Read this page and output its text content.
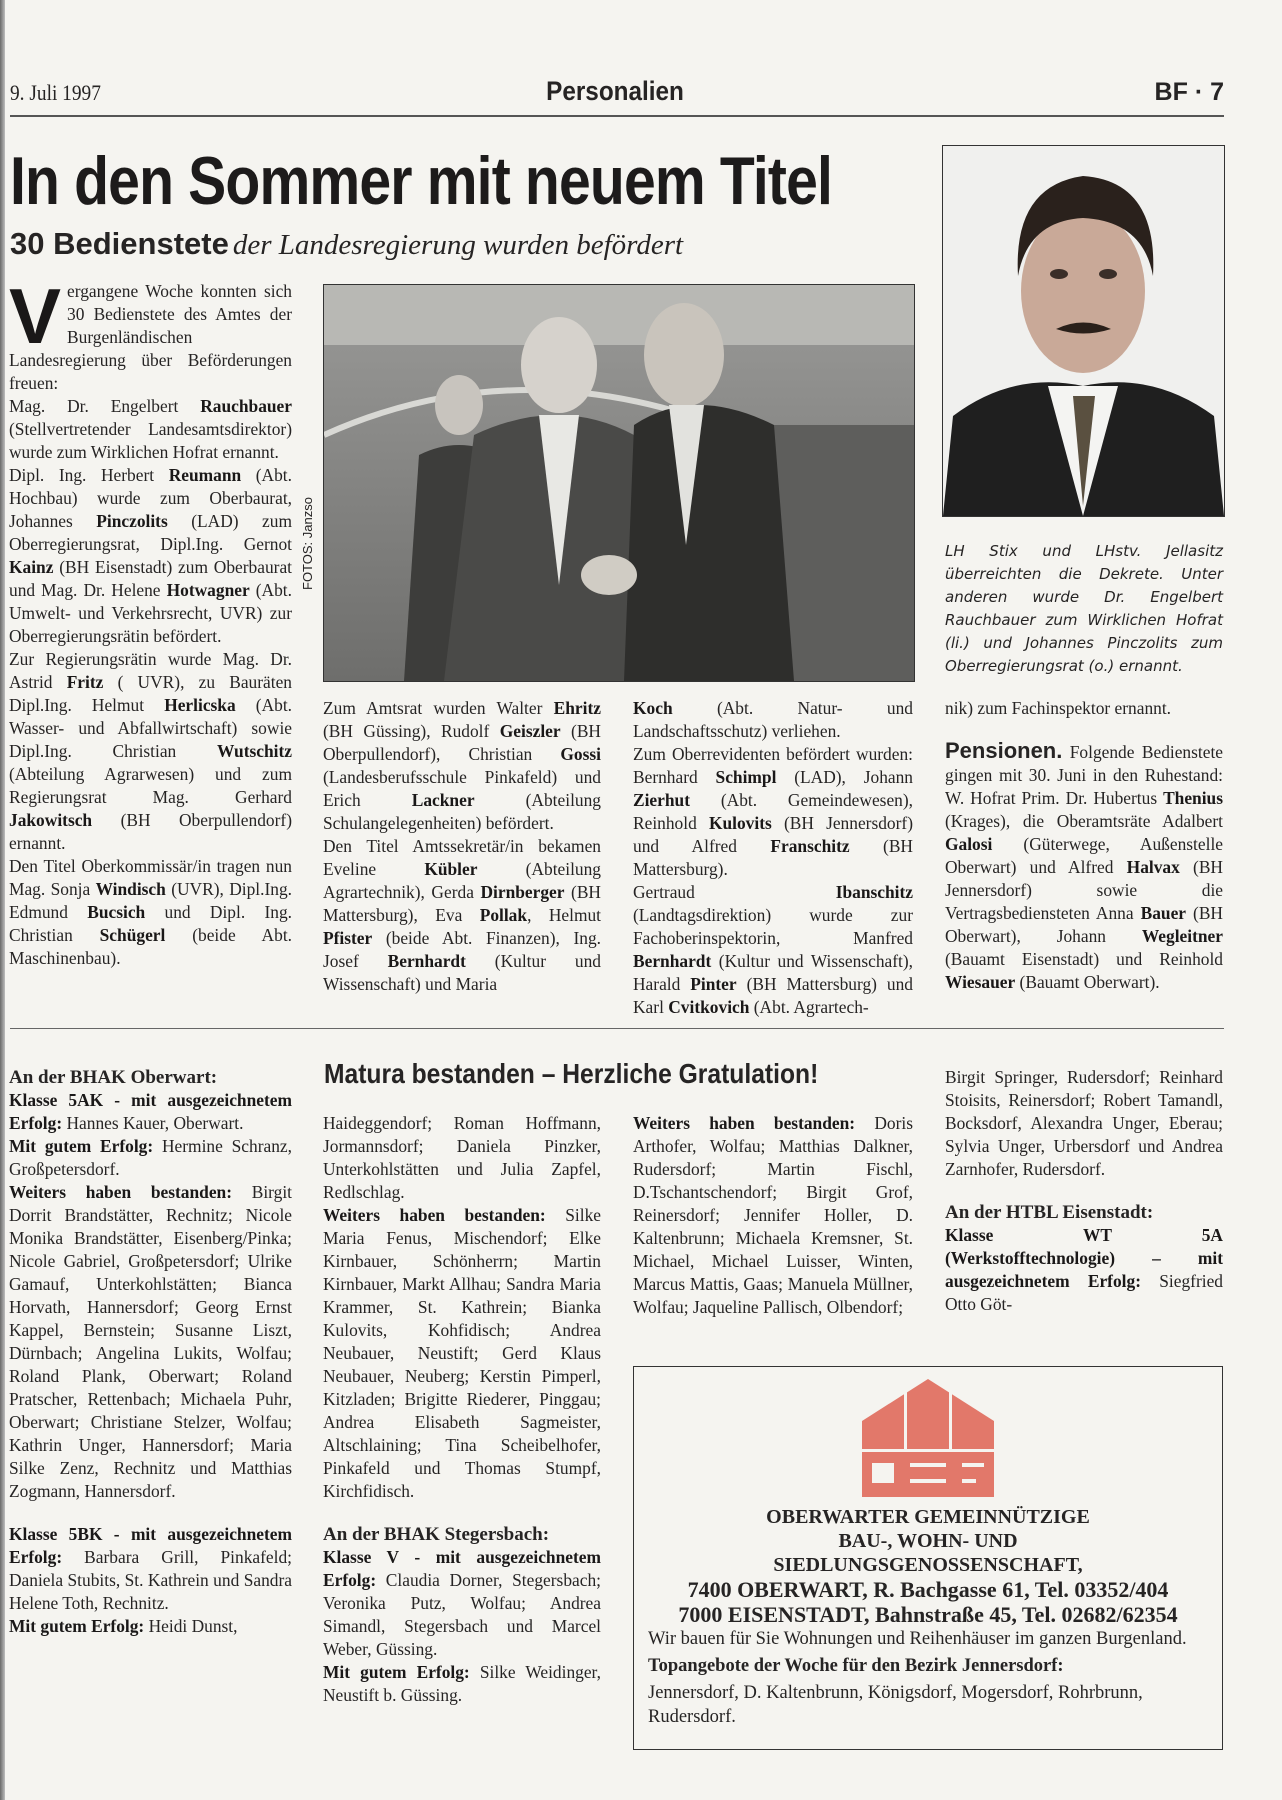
9. Juli 1997	Personalien	BF · 7
In den Sommer mit neuem Titel
30 Bedienstete der Landesregierung wurden befördert
V ergangene Woche konnten sich 30 Bedienstete des Amtes der Burgenländischen Landesregierung über Beförderungen freuen:

Mag. Dr. Engelbert Rauchbauer (Stellvertretender Landesamtsdirektor) wurde zum Wirklichen Hofrat ernannt.

Dipl. Ing. Herbert Reumann (Abt. Hochbau) wurde zum Oberbaurat, Johannes Pinczolits (LAD) zum Oberregierungsrat, Dipl.Ing. Gernot Kainz (BH Eisenstadt) zum Oberbaurat und Mag. Dr. Helene Hotwagner (Abt. Umwelt- und Verkehrsrecht, UVR) zur Oberregierungsrätin befördert.

Zur Regierungsrätin wurde Mag. Dr. Astrid Fritz ( UVR), zu Bauräten Dipl.Ing. Helmut Herlicska (Abt. Wasser- und Abfallwirtschaft) sowie Dipl.Ing. Christian Wutschitz (Abteilung Agrarwesen) und zum Regierungsrat Mag. Gerhard Jakowitsch (BH Oberpullendorf) ernannt.

Den Titel Oberkommissär/in tragen nun Mag. Sonja Windisch (UVR), Dipl.Ing. Edmund Bucsich und Dipl. Ing. Christian Schügerl (beide Abt. Maschinenbau).

FOTOS: Janzso	LH Stix und LHstv. Jellasitz überreichten die Dekrete. Unter anderen wurde Dr. Engelbert Rauchbauer zum Wirklichen Hofrat (li.) und Johannes Pinczolits zum Oberregierungsrat (o.) ernannt.

Zum Amtsrat wurden Walter Ehritz (BH Güssing), Rudolf Geiszler (BH Oberpullendorf), Christian Gossi (Landesberufsschule Pinkafeld) und Erich Lackner (Abteilung Schulangelegenheiten) befördert.

Den Titel Amtssekretär/in bekamen Eveline Kübler (Abteilung Agrartechnik), Gerda Dirnberger (BH Mattersburg), Eva Pollak, Helmut Pfister (beide Abt. Finanzen), Ing. Josef Bernhardt (Kultur und Wissenschaft) und Maria

Koch (Abt. Natur- und Landschaftsschutz) verliehen.

Zum Oberrevidenten befördert wurden: Bernhard Schimpl (LAD), Johann Zierhut (Abt. Gemeindewesen), Reinhold Kulovits (BH Jennersdorf) und Alfred Franschitz (BH Mattersburg).

Gertraud Ibanschitz (Landtagsdirektion) wurde zur Fachoberinspektorin, Manfred Bernhardt (Kultur und Wissenschaft), Harald Pinter (BH Mattersburg) und Karl Cvitkovich (Abt. Agrartech-

nik) zum Fachinspektor ernannt.

Pensionen. Folgende Bedienstete gingen mit 30. Juni in den Ruhestand: W. Hofrat Prim. Dr. Hubertus Thenius (Krages), die Oberamtsräte Adalbert Galosi (Güterwege, Außenstelle Oberwart) und Alfred Halvax (BH Jennersdorf) sowie die Vertragsbediensteten Anna Bauer (BH Oberwart), Johann Wegleitner (Bauamt Eisenstadt) und Reinhold Wiesauer (Bauamt Oberwart).

Matura bestanden – Herzliche Gratulation!

An der BHAK Oberwart:

Klasse 5AK - mit ausgezeichnetem Erfolg: Hannes Kauer, Oberwart.

Mit gutem Erfolg: Hermine Schranz, Großpetersdorf.

Weiters haben bestanden: Birgit Dorrit Brandstätter, Rechnitz; Nicole Monika Brandstätter, Eisenberg/Pinka; Nicole Gabriel, Großpetersdorf; Ulrike Gamauf, Unterkohlstätten; Bianca Horvath, Hannersdorf; Georg Ernst Kappel, Bernstein; Susanne Liszt, Dürnbach; Angelina Lukits, Wolfau; Roland Plank, Oberwart; Roland Pratscher, Rettenbach; Michaela Puhr, Oberwart; Christiane Stelzer, Wolfau; Kathrin Unger, Hannersdorf; Maria Silke Zenz, Rechnitz und Matthias Zogmann, Hannersdorf.

Klasse 5BK - mit ausgezeichnetem Erfolg: Barbara Grill, Pinkafeld; Daniela Stubits, St. Kathrein und Sandra Helene Toth, Rechnitz.

Mit gutem Erfolg: Heidi Dunst,

Haideggendorf; Roman Hoffmann, Jormannsdorf; Daniela Pinzker, Unterkohlstätten und Julia Zapfel, Redlschlag.

Weiters haben bestanden: Silke Maria Fenus, Mischendorf; Elke Kirnbauer, Schönherrn; Martin Kirnbauer, Markt Allhau; Sandra Maria Krammer, St. Kathrein; Bianka Kulovits, Kohfidisch; Andrea Neubauer, Neustift; Gerd Klaus Neubauer, Neuberg; Kerstin Pimperl, Kitzladen; Brigitte Riederer, Pinggau; Andrea Elisabeth Sagmeister, Altschlaining; Tina Scheibelhofer, Pinkafeld und Thomas Stumpf, Kirchfidisch.

An der BHAK Stegersbach:

Klasse V - mit ausgezeichnetem Erfolg: Claudia Dorner, Stegersbach; Veronika Putz, Wolfau; Andrea Simandl, Stegersbach und Marcel Weber, Güssing.

Mit gutem Erfolg: Silke Weidinger, Neustift b. Güssing.

Weiters haben bestanden: Doris Arthofer, Wolfau; Matthias Dalkner, Rudersdorf; Martin Fischl, D.Tschantschendorf; Birgit Grof, Reinersdorf; Jennifer Holler, D. Kaltenbrunn; Michaela Kremsner, St. Michael, Michael Luisser, Winten, Marcus Mattis, Gaas; Manuela Müllner, Wolfau; Jaqueline Pallisch, Olbendorf;

Birgit Springer, Rudersdorf; Reinhard Stoisits, Reinersdorf; Robert Tamandl, Bocksdorf, Alexandra Unger, Eberau; Sylvia Unger, Urbersdorf und Andrea Zarnhofer, Rudersdorf.

An der HTBL Eisenstadt:

Klasse WT 5A (Werkstofftechnologie) – mit ausgezeichnetem Erfolg: Siegfried Otto Göt-

OBERWARTER GEMEINNÜTZIGE
BAU-, WOHN- UND
SIEDLUNGSGENOSSENSCHAFT,
7400 OBERWART, R. Bachgasse 61, Tel. 03352/404
7000 EISENSTADT, Bahnstraße 45, Tel. 02682/62354
Wir bauen für Sie Wohnungen und Reihenhäuser im ganzen Burgenland.
Topangebote der Woche für den Bezirk Jennersdorf:
Jennersdorf, D. Kaltenbrunn, Königsdorf, Mogersdorf, Rohrbrunn, Rudersdorf.
